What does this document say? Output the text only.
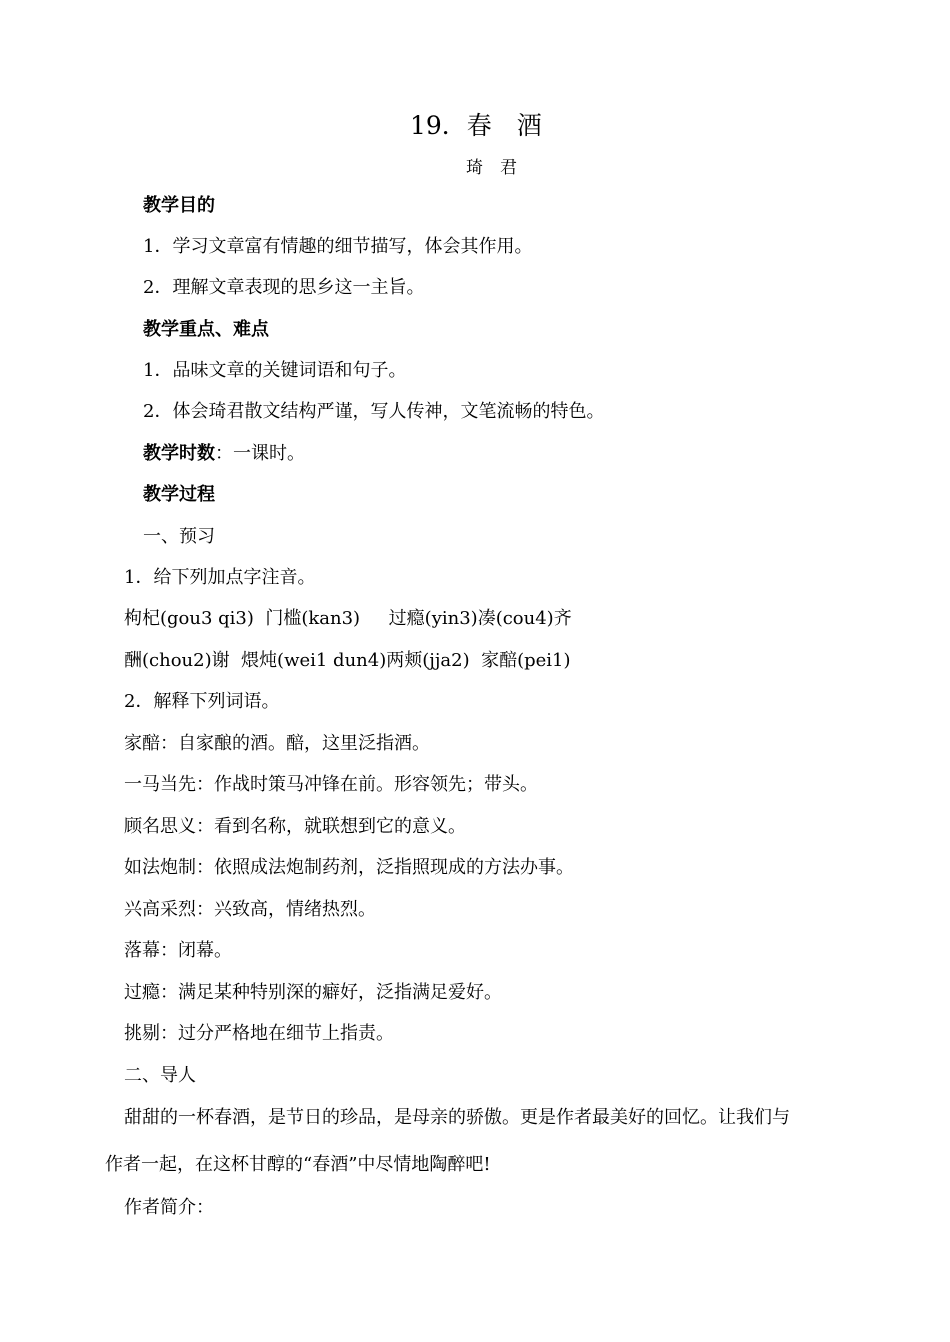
19．春　酒
琦　君
教学目的
1．学习文章富有情趣的细节描写，体会其作用。
2．理解文章表现的思乡这一主旨。
教学重点、难点
1．品味文章的关键词语和句子。
2．体会琦君散文结构严谨，写人传神，文笔流畅的特色。
教学时数：一课时。
教学过程
一、预习
1．给下列加点字注音。
枸杞(gou3 qi3)  门槛(kan3)     过瘾(yin3)凑(cou4)齐
酬(chou2)谢  煨炖(wei1 dun4)两颊(jja2)  家醅(pei1)
2．解释下列词语。
家醅：自家酿的酒。醅，这里泛指酒。
一马当先：作战时策马冲锋在前。形容领先；带头。
顾名思义：看到名称，就联想到它的意义。
如法炮制：依照成法炮制药剂，泛指照现成的方法办事。
兴高采烈：兴致高，情绪热烈。
落幕：闭幕。
过瘾：满足某种特别深的癖好，泛指满足爱好。
挑剔：过分严格地在细节上指责。
二、导人
甜甜的一杯春酒，是节日的珍品，是母亲的骄傲。更是作者最美好的回忆。让我们与
作者一起，在这杯甘醇的“春酒”中尽情地陶醉吧!
作者简介：
